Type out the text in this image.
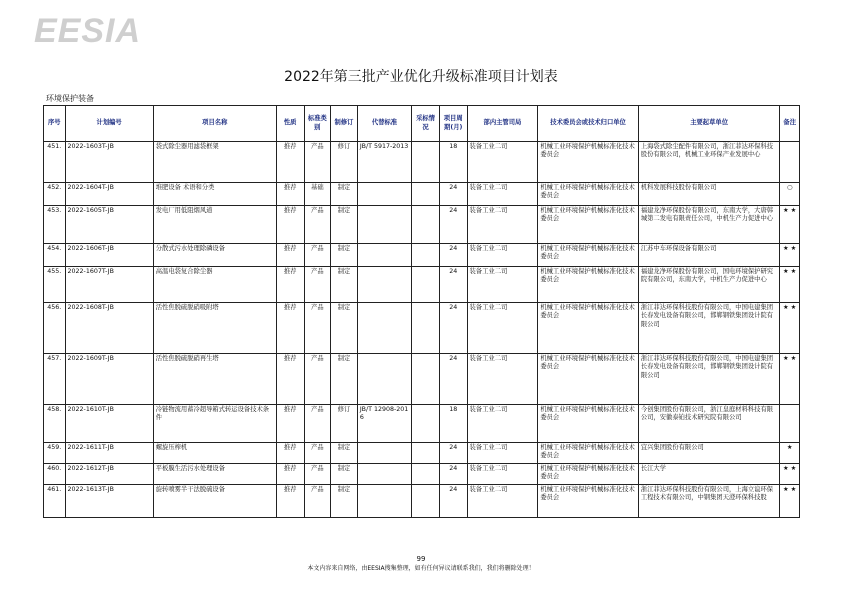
EESIA
2022年第三批产业优化升级标准项目计划表
环境保护装备
序号	计划编号	项目名称	性质	标准类别	制修订	代替标准	采标情况	项目周期(月)	部内主管司局	技术委员会或技术归口单位	主要起草单位	备注
451.	2022-1603T-JB	袋式除尘器用滤袋框架	推荐	产品	修订	JB/T 5917-2013		18	装备工业二司	机械工业环境保护机械标准化技术委员会	上海袋式除尘配件有限公司，浙江菲达环保科技股份有限公司，机械工业环保产业发展中心	
452.	2022-1604T-JB	堆肥设备 术语和分类	推荐	基础	制定			24	装备工业二司	机械工业环境保护机械标准化技术委员会	机科发展科技股份有限公司	○
453.	2022-1605T-JB	发电厂用低阻烟风道	推荐	产品	制定			24	装备工业二司	机械工业环境保护机械标准化技术委员会	福建龙净环保股份有限公司，东南大学，大唐韩城第二发电有限责任公司，中机生产力促进中心	★ ★
454.	2022-1606T-JB	分散式污水处理除磷设备	推荐	产品	制定			24	装备工业二司	机械工业环境保护机械标准化技术委员会	江苏中车环保设备有限公司	★ ★
455.	2022-1607T-JB	高温电袋复合除尘器	推荐	产品	制定			24	装备工业二司	机械工业环境保护机械标准化技术委员会	福建龙净环保股份有限公司，国电环境保护研究院有限公司，东南大学，中机生产力促进中心	★ ★
456.	2022-1608T-JB	活性焦脱硫脱硝吸附塔	推荐	产品	制定			24	装备工业二司	机械工业环境保护机械标准化技术委员会	浙江菲达环保科技股份有限公司，中国电建集团长春发电设备有限公司，邯郸钢铁集团设计院有限公司	★ ★
457.	2022-1609T-JB	活性焦脱硫脱硝再生塔	推荐	产品	制定			24	装备工业二司	机械工业环境保护机械标准化技术委员会	浙江菲达环保科技股份有限公司，中国电建集团长春发电设备有限公司，邯郸钢铁集团设计院有限公司	★ ★
458.	2022-1610T-JB	冷链物流用蓄冷超导箱式转运设备技术条件	推荐	产品	修订	JB/T 12908-2016		18	装备工业二司	机械工业环境保护机械标准化技术委员会	今创集团股份有限公司，浙江皇庭材料科技有限公司，安徽泰铂技术研究院有限公司	
459.	2022-1611T-JB	螺旋压榨机	推荐	产品	制定			24	装备工业二司	机械工业环境保护机械标准化技术委员会	宜兴集团股份有限公司	★
460.	2022-1612T-JB	平板膜生活污水处理设备	推荐	产品	制定			24	装备工业二司	机械工业环境保护机械标准化技术委员会	长江大学	★ ★
461.	2022-1613T-JB	旋转喷雾半干法脱硫设备	推荐	产品	制定			24	装备工业二司	机械工业环境保护机械标准化技术委员会	浙江菲达环保科技股份有限公司，上海立谊环保工程技术有限公司，中钢集团天澄环保科技股	★ ★
99
本文内容来自网络，由EESIA搜集整理，如有任何异议请联系我们，我们将删除处理！
